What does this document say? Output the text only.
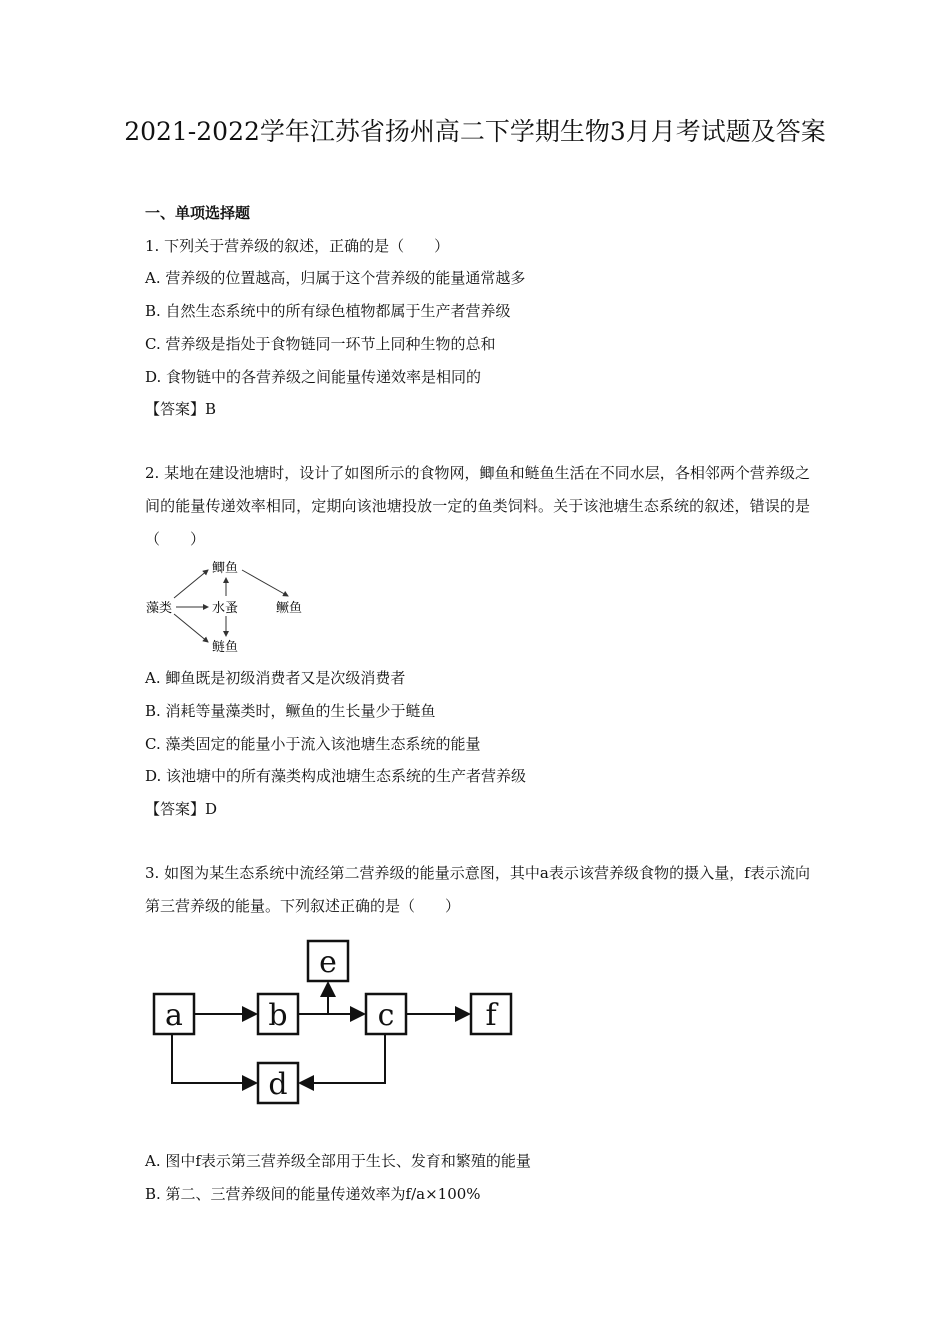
2021-2022学年江苏省扬州高二下学期生物3月月考试题及答案
一、单项选择题
1. 下列关于营养级的叙述，正确的是（　　）
A. 营养级的位置越高，归属于这个营养级的能量通常越多
B. 自然生态系统中的所有绿色植物都属于生产者营养级
C. 营养级是指处于食物链同一环节上同种生物的总和
D. 食物链中的各营养级之间能量传递效率是相同的
【答案】B
2. 某地在建设池塘时，设计了如图所示的食物网，鲫鱼和鲢鱼生活在不同水层，各相邻两个营养级之间的能量传递效率相同，定期向该池塘投放一定的鱼类饲料。关于该池塘生态系统的叙述，错误的是（　　）
藻类	水蚤
鲫鱼
鲢鱼
鳜鱼
A. 鲫鱼既是初级消费者又是次级消费者
B. 消耗等量藻类时，鳜鱼的生长量少于鲢鱼
C. 藻类固定的能量小于流入该池塘生态系统的能量
D. 该池塘中的所有藻类构成池塘生态系统的生产者营养级
【答案】D
3. 如图为某生态系统中流经第二营养级的能量示意图，其中a表示该营养级食物的摄入量，f表示流向第三营养级的能量。下列叙述正确的是（　　）
a	b	c
e
f
d
A. 图中f表示第三营养级全部用于生长、发育和繁殖的能量
B. 第二、三营养级间的能量传递效率为f/a×100%
